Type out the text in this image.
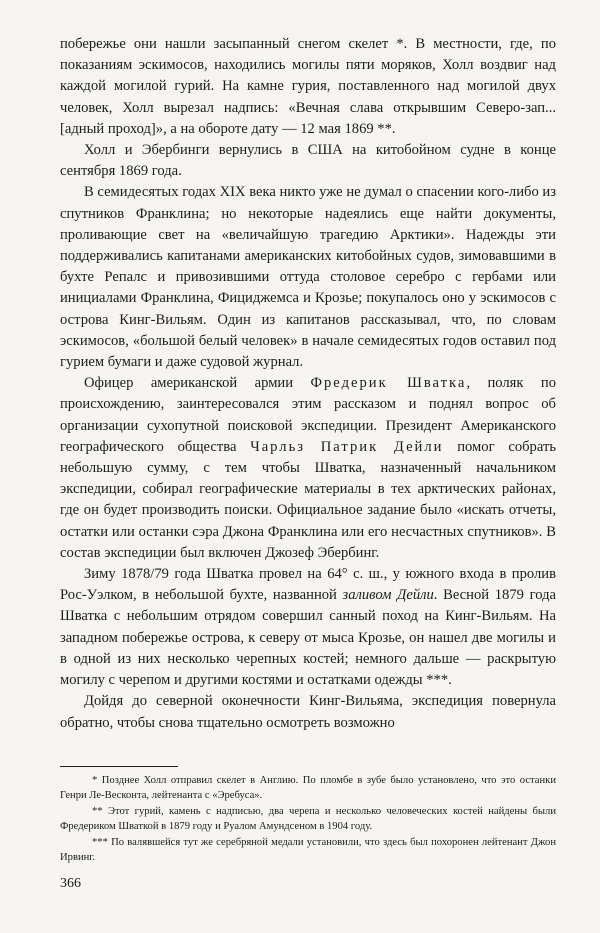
побережье они нашли засыпанный снегом скелет *. В местности, где, по показаниям эскимосов, находились могилы пяти моряков, Холл воздвиг над каждой могилой гурий. На камне гурия, поставленного над могилой двух человек, Холл вырезал надпись: «Вечная слава открывшим Северо-зап... [адный проход]», а на обороте дату — 12 мая 1869 **.

Холл и Эбербинги вернулись в США на китобойном судне в конце сентября 1869 года.

В семидесятых годах XIX века никто уже не думал о спасении кого-либо из спутников Франклина; но некоторые надеялись еще найти документы, проливающие свет на «величайшую трагедию Арктики». Надежды эти поддерживались капитанами американских китобойных судов, зимовавшими в бухте Репалс и привозившими оттуда столовое серебро с гербами или инициалами Франклина, Фициджемса и Крозье; покупалось оно у эскимосов с острова Кинг-Вильям. Один из капитанов рассказывал, что, по словам эскимосов, «большой белый человек» в начале семидесятых годов оставил под гурием бумаги и даже судовой журнал.

Офицер американской армии Фредерик Шватка, поляк по происхождению, заинтересовался этим рассказом и поднял вопрос об организации сухопутной поисковой экспедиции. Президент Американского географического общества Чарльз Патрик Дейли помог собрать небольшую сумму, с тем чтобы Шватка, назначенный начальником экспедиции, собирал географические материалы в тех арктических районах, где он будет производить поиски. Официальное задание было «искать отчеты, остатки или останки сэра Джона Франклина или его несчастных спутников». В состав экспедиции был включен Джозеф Эбербинг.

Зиму 1878/79 года Шватка провел на 64° с. ш., у южного входа в пролив Рос-Уэлком, в небольшой бухте, названной заливом Дейли. Весной 1879 года Шватка с небольшим отрядом совершил санный поход на Кинг-Вильям. На западном побережье острова, к северу от мыса Крозье, он нашел две могилы и в одной из них несколько черепных костей; немного дальше — раскрытую могилу с черепом и другими костями и остатками одежды ***.

Дойдя до северной оконечности Кинг-Вильяма, экспедиция повернула обратно, чтобы снова тщательно осмотреть возможно

* Позднее Холл отправил скелет в Англию. По пломбе в зубе было установлено, что это останки Генри Ле-Весконта, лейтенанта с «Эребуса».

** Этот гурий, камень с надписью, два черепа и несколько человеческих костей найдены были Фредериком Шваткой в 1879 году и Руалом Амундсеном в 1904 году.

*** По валявшейся тут же серебряной медали установили, что здесь был похоронен лейтенант Джон Ирвинг.

366
